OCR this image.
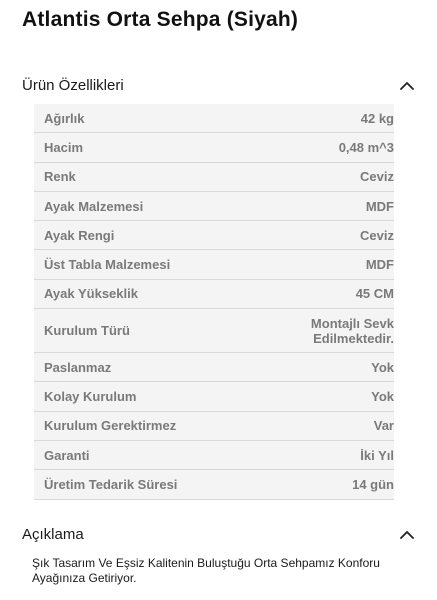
Atlantis Orta Sehpa (Siyah)
Ürün Özellikleri
Ağırlık	42 kg
Hacim	0,48 m^3
Renk	Ceviz
Ayak Malzemesi	MDF
Ayak Rengi	Ceviz
Üst Tabla Malzemesi	MDF
Ayak Yükseklik	45 CM
Kurulum Türü	Montajlı Sevk
Edilmektedir.
Paslanmaz	Yok
Kolay Kurulum	Yok
Kurulum Gerektirmez	Var
Garanti	İki Yıl
Üretim Tedarik Süresi	14 gün
Açıklama
Şık Tasarım Ve Eşsiz Kalitenin Buluştuğu Orta Sehpamız Konforu Ayağınıza Getiriyor.
